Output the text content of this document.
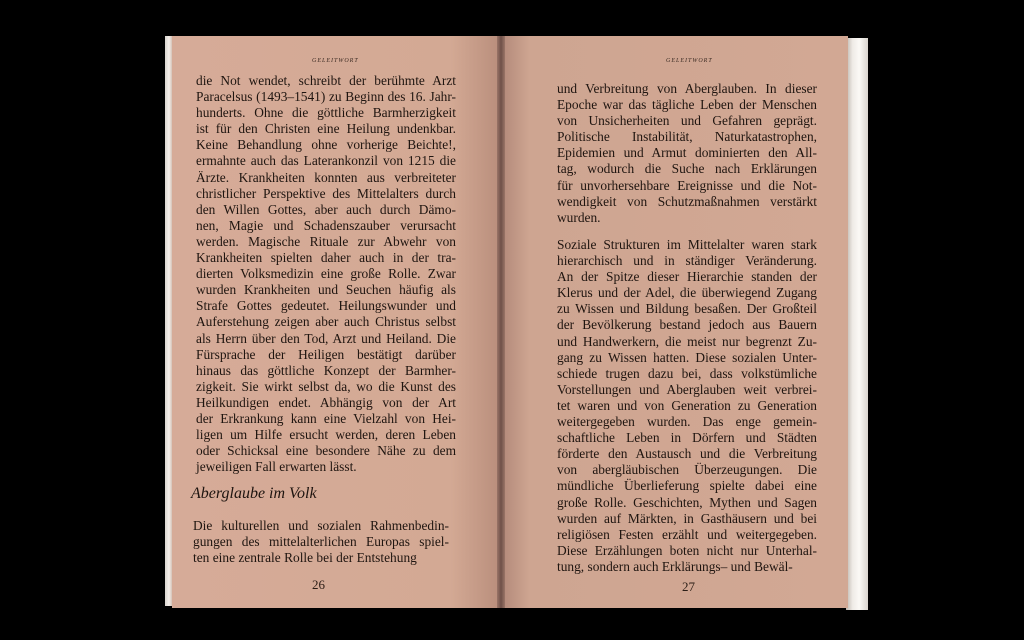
GELEITWORT	GELEITWORT
die Not wendet, schreibt der berühmte Arzt
Paracelsus (1493–1541) zu Beginn des 16. Jahr-
hunderts. Ohne die göttliche Barmherzigkeit
ist für den Christen eine Heilung undenkbar.
Keine Behandlung ohne vorherige Beichte!,
ermahnte auch das Laterankonzil von 1215 die
Ärzte. Krankheiten konnten aus verbreiteter
christlicher Perspektive des Mittelalters durch
den Willen Gottes, aber auch durch Dämo-
nen, Magie und Schadenszauber verursacht
werden. Magische Rituale zur Abwehr von
Krankheiten spielten daher auch in der tra-
dierten Volksmedizin eine große Rolle. Zwar
wurden Krankheiten und Seuchen häufig als
Strafe Gottes gedeutet. Heilungswunder und
Auferstehung zeigen aber auch Christus selbst
als Herrn über den Tod, Arzt und Heiland. Die
Fürsprache der Heiligen bestätigt darüber
hinaus das göttliche Konzept der Barmher-
zigkeit. Sie wirkt selbst da, wo die Kunst des
Heilkundigen endet. Abhängig von der Art
der Erkrankung kann eine Vielzahl von Hei-
ligen um Hilfe ersucht werden, deren Leben
oder Schicksal eine besondere Nähe zu dem
jeweiligen Fall erwarten lässt.
Aberglaube im Volk
Die kulturellen und sozialen Rahmenbedin-
gungen des mittelalterlichen Europas spiel-
ten eine zentrale Rolle bei der Entstehung
26
und Verbreitung von Aberglauben. In dieser
Epoche war das tägliche Leben der Menschen
von Unsicherheiten und Gefahren geprägt.
Politische Instabilität, Naturkatastrophen,
Epidemien und Armut dominierten den All-
tag, wodurch die Suche nach Erklärungen
für unvorhersehbare Ereignisse und die Not-
wendigkeit von Schutzmaßnahmen verstärkt
wurden.
Soziale Strukturen im Mittelalter waren stark
hierarchisch und in ständiger Veränderung.
An der Spitze dieser Hierarchie standen der
Klerus und der Adel, die überwiegend Zugang
zu Wissen und Bildung besaßen. Der Großteil
der Bevölkerung bestand jedoch aus Bauern
und Handwerkern, die meist nur begrenzt Zu-
gang zu Wissen hatten. Diese sozialen Unter-
schiede trugen dazu bei, dass volkstümliche
Vorstellungen und Aberglauben weit verbrei-
tet waren und von Generation zu Generation
weitergegeben wurden. Das enge gemein-
schaftliche Leben in Dörfern und Städten
förderte den Austausch und die Verbreitung
von abergläubischen Überzeugungen. Die
mündliche Überlieferung spielte dabei eine
große Rolle. Geschichten, Mythen und Sagen
wurden auf Märkten, in Gasthäusern und bei
religiösen Festen erzählt und weitergegeben.
Diese Erzählungen boten nicht nur Unterhal-
tung, sondern auch Erklärungs– und Bewäl-
27
